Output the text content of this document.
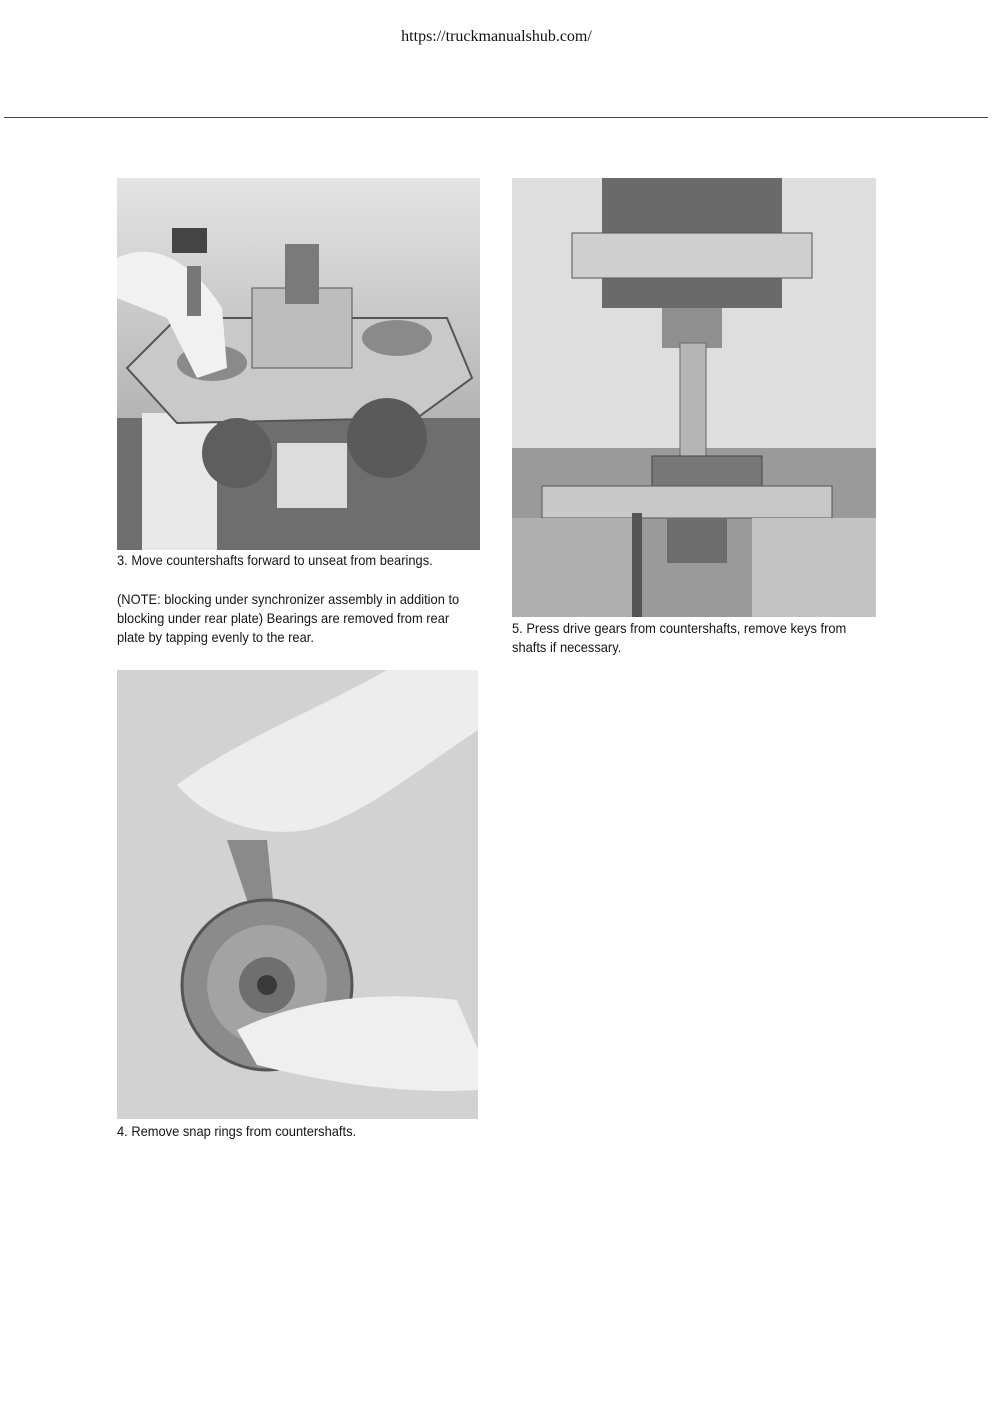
https://truckmanualshub.com/

3. Move countershafts forward to unseat from bearings.

(NOTE: blocking under synchronizer assembly in addition to blocking under rear plate) Bearings are removed from rear plate by tapping evenly to the rear.

5. Press drive gears from countershafts, remove keys from shafts if necessary.

4. Remove snap rings from countershafts.
